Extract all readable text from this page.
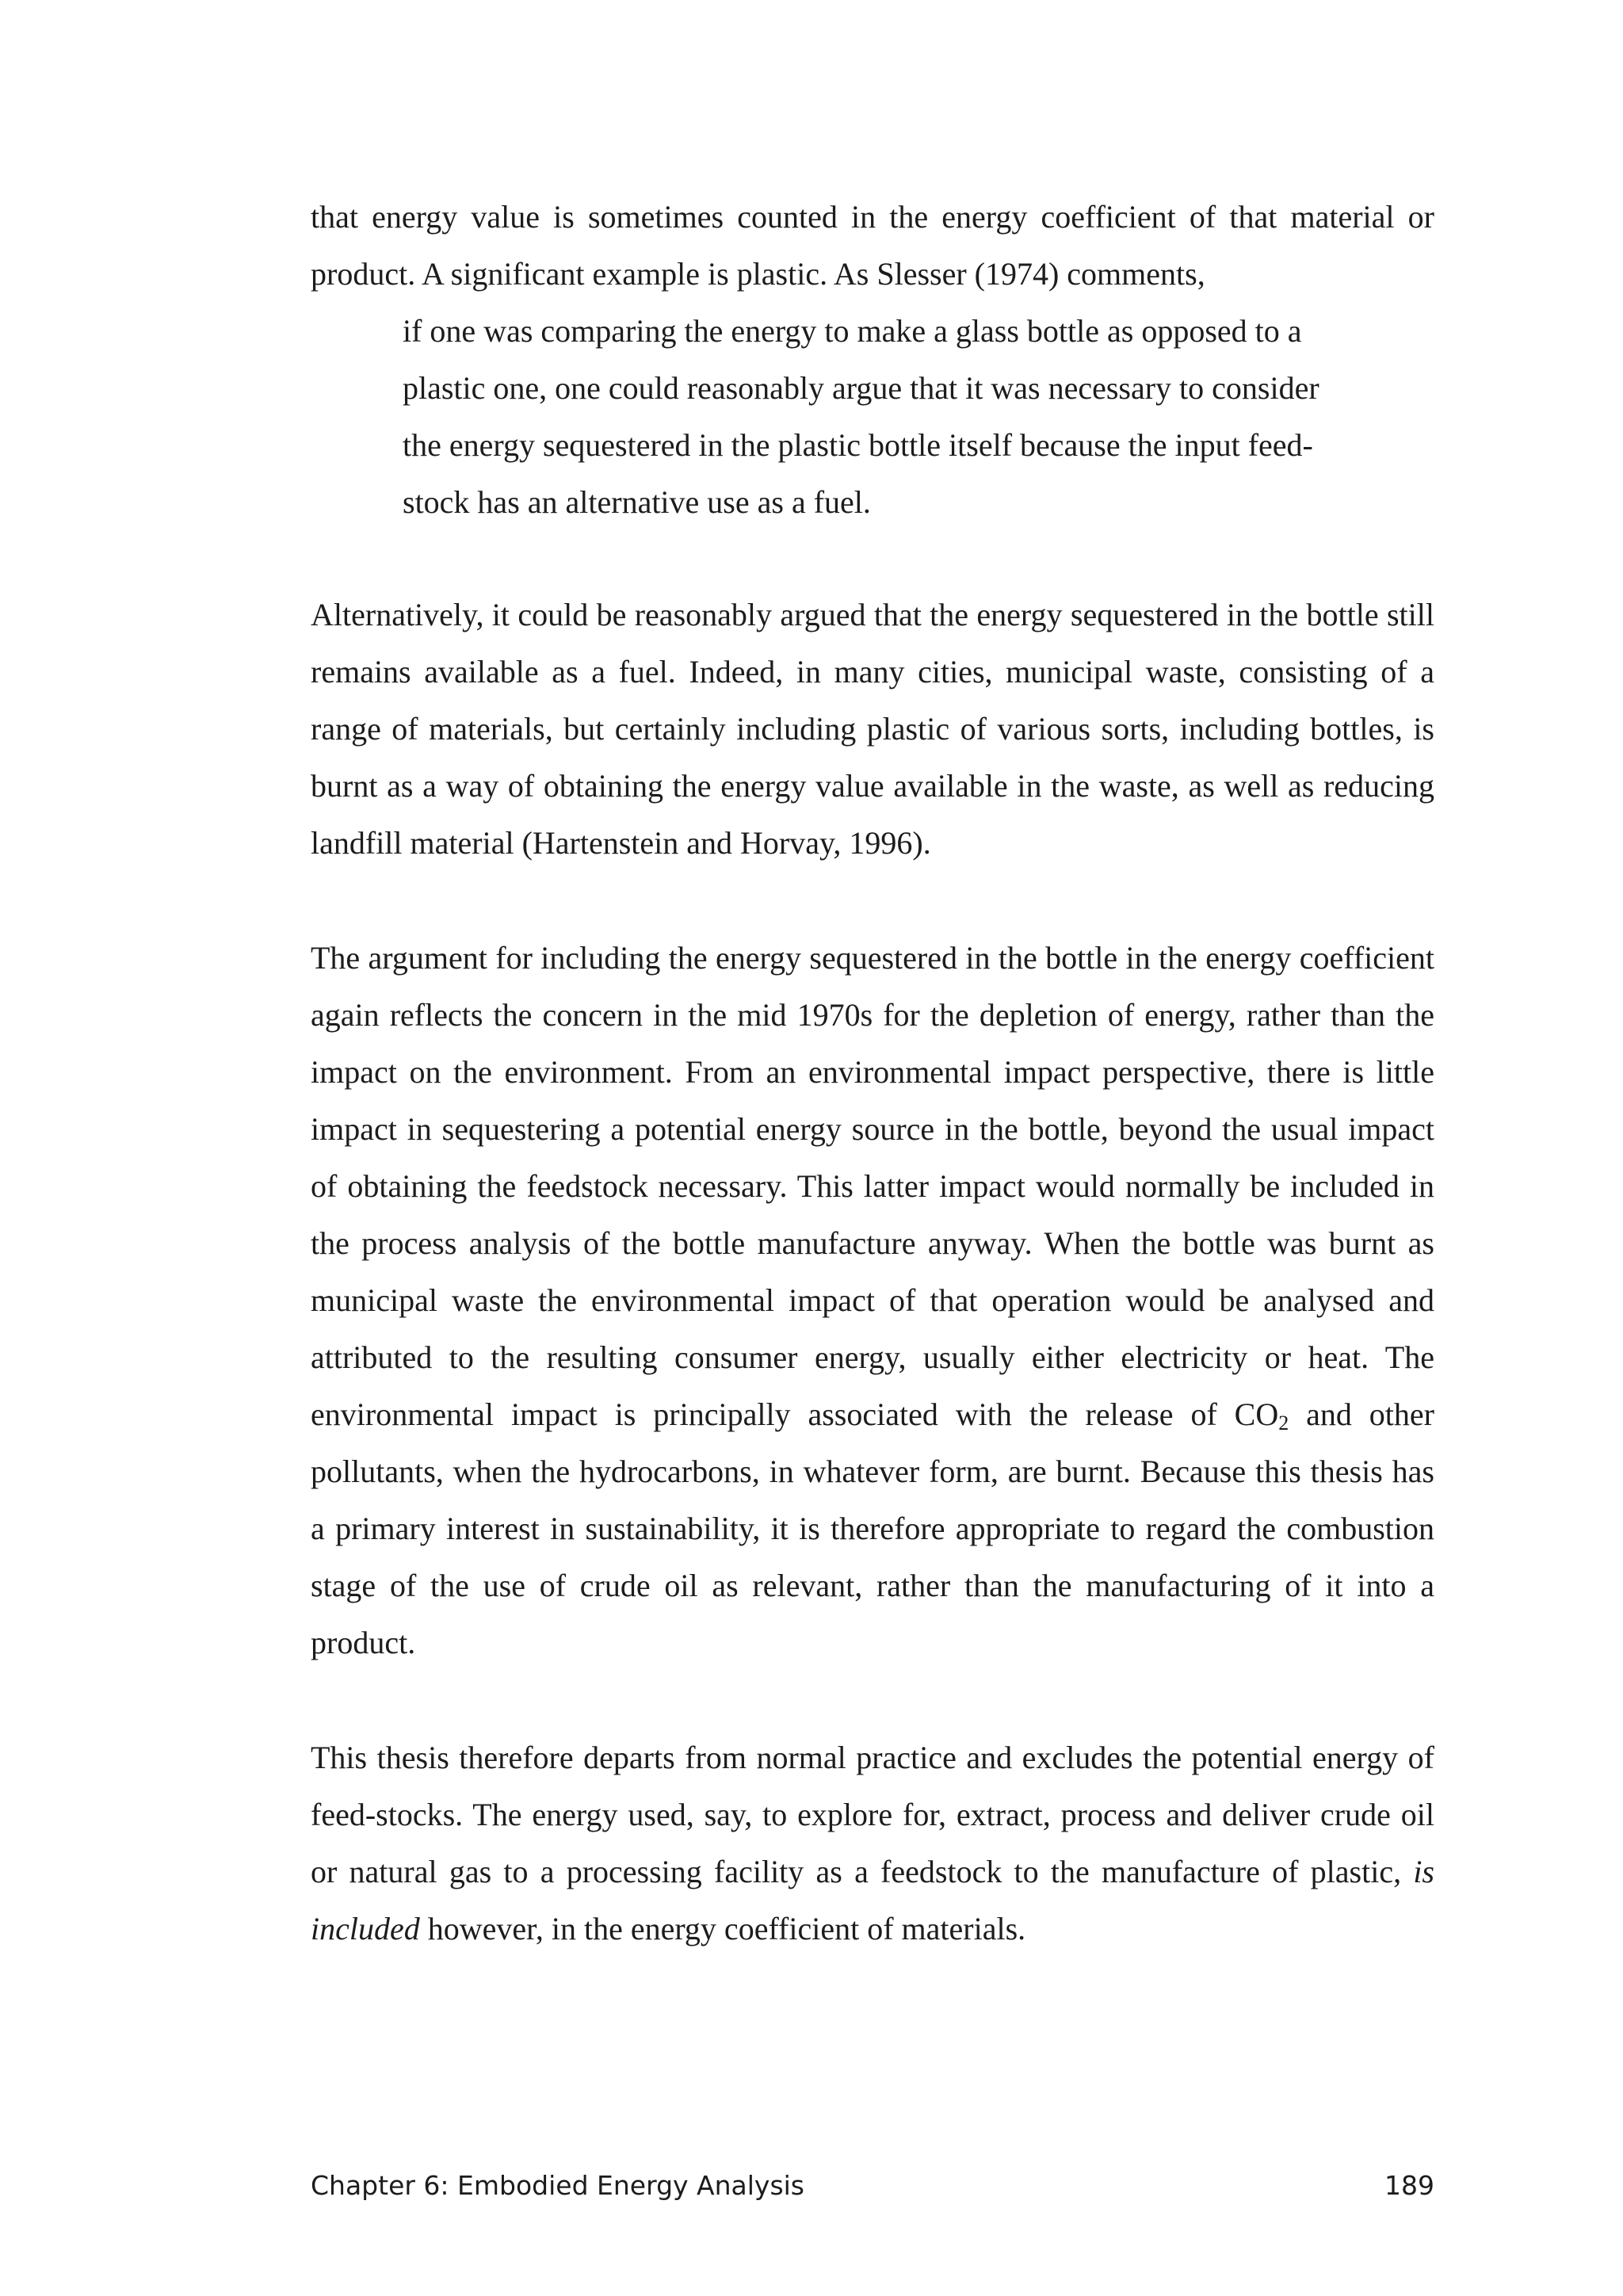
that energy value is sometimes counted in the energy coefficient of that material or product. A significant example is plastic. As Slesser (1974) comments,

if one was comparing the energy to make a glass bottle as opposed to a plastic one, one could reasonably argue that it was necessary to consider the energy sequestered in the plastic bottle itself because the input feed-stock has an alternative use as a fuel.

Alternatively, it could be reasonably argued that the energy sequestered in the bottle still remains available as a fuel. Indeed, in many cities, municipal waste, consisting of a range of materials, but certainly including plastic of various sorts, including bottles, is burnt as a way of obtaining the energy value available in the waste, as well as reducing landfill material (Hartenstein and Horvay, 1996).

The argument for including the energy sequestered in the bottle in the energy coefficient again reflects the concern in the mid 1970s for the depletion of energy, rather than the impact on the environment. From an environmental impact perspective, there is little impact in sequestering a potential energy source in the bottle, beyond the usual impact of obtaining the feedstock necessary. This latter impact would normally be included in the process analysis of the bottle manufacture anyway. When the bottle was burnt as municipal waste the environmental impact of that operation would be analysed and attributed to the resulting consumer energy, usually either electricity or heat. The environmental impact is principally associated with the release of $CO_2$ and other pollutants, when the hydrocarbons, in whatever form, are burnt. Because this thesis has a primary interest in sustainability, it is therefore appropriate to regard the combustion stage of the use of crude oil as relevant, rather than the manufacturing of it into a product.

This thesis therefore departs from normal practice and excludes the potential energy of feed-stocks. The energy used, say, to explore for, extract, process and deliver crude oil or natural gas to a processing facility as a feedstock to the manufacture of plastic, is included however, in the energy coefficient of materials.

Chapter 6: Embodied Energy Analysis	189
